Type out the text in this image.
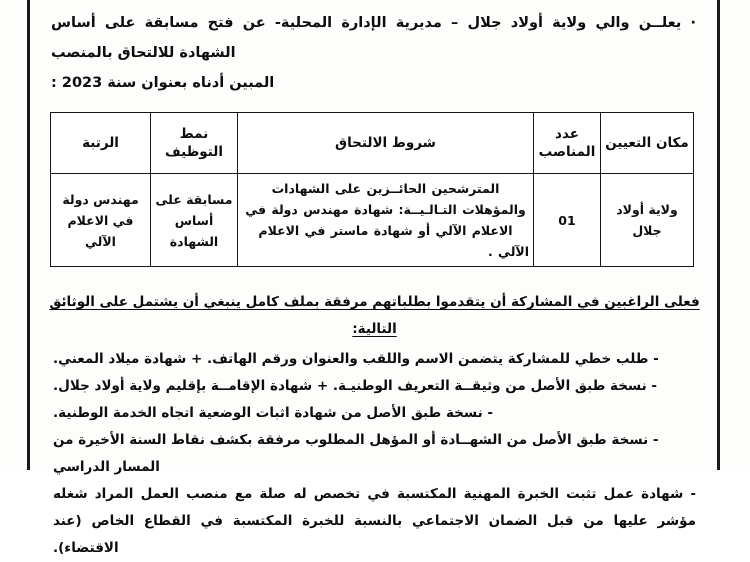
· يعلــن والي ولاية أولاد جلال – مديرية الإدارة المحلية- عن فتح مسابقة على أساس الشهادة للالتحاق بالمنصب
المبين أدناه بعنوان سنة 2023 :
مكان التعيين	عدد المناصب	شروط الالتحاق	نمط التوظيف	الرتبة
ولاية أولاد جلال	01	المترشحين الحائــزين على الشهادات والمؤهلات التـالـيــة: شهادة مهندس دولة في الاعلام الآلي أو شهادة ماستر في الاعلام الآلي .	مسابقة على أساس الشهادة	مهندس دولة في الاعلام الآلي
فعلى الراغبين في المشاركة أن يتقدموا بطلباتهم مرفقة بملف كامل ينبغي أن يشتمل على الوثائق التالية:
- طلب خطي للمشاركة يتضمن الاسم واللقب والعنوان ورقم الهاتف. + شهادة ميلاد المعني.
- نسخة طبق الأصل من وثيقــة التعريف الوطنيـة. + شهادة الإقامــة بإقليم ولاية أولاد جلال.
- نسخة طبق الأصل من شهادة اثبات الوضعية اتجاه الخدمة الوطنية.
- نسخة طبق الأصل من الشهــادة أو المؤهل المطلوب مرفقة بكشف نقاط السنة الأخيرة من المسار الدراسي
- شهادة عمل تثبت الخبرة المهنية المكتسبة في تخصص له صلة مع منصب العمل المراد شغله مؤشر عليها من قبل الضمان الاجتماعي بالنسبة للخبرة المكتسبة في القطاع الخاص (عند الاقتضاء).
